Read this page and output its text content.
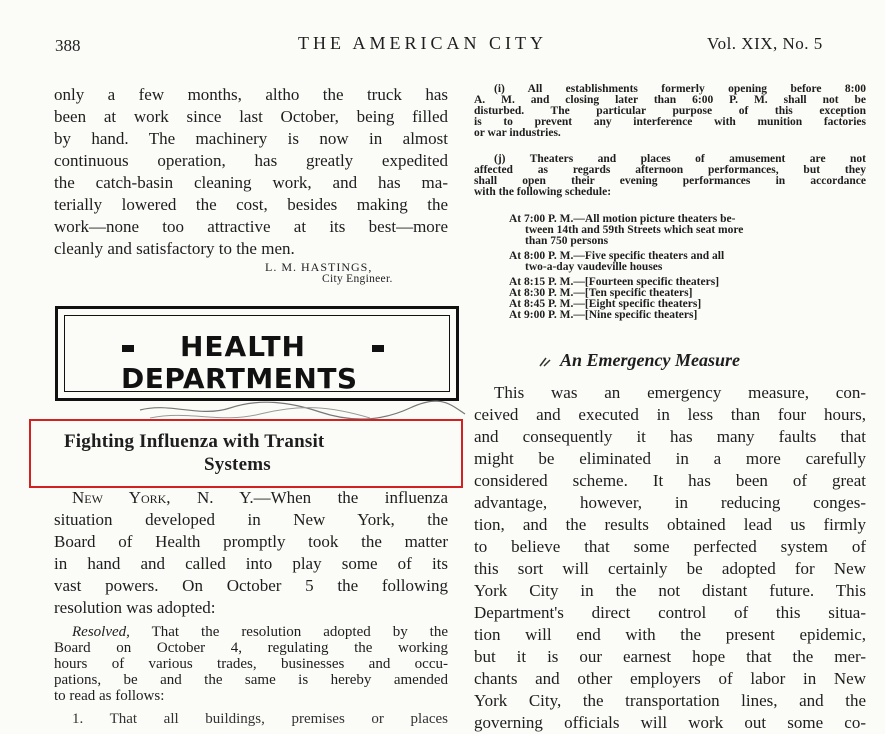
388	THE AMERICAN CITY	Vol. XIX, No. 5
only a few months, altho the truck has
been at work since last October, being filled
by hand. The machinery is now in almost
continuous operation, has greatly expedited
the catch-basin cleaning work, and has ma-
terially lowered the cost, besides making the
work—none too attractive at its best—more
cleanly and satisfactory to the men.
L. M. HASTINGS,
City Engineer.
HEALTH
DEPARTMENTS
Fighting Influenza with Transit
Systems
New York, N. Y.—When the influenza
situation developed in New York, the
Board of Health promptly took the matter
in hand and called into play some of its
vast powers. On October 5 the following
resolution was adopted:
Resolved, That the resolution adopted by the
Board on October 4, regulating the working
hours of various trades, businesses and occu-
pations, be and the same is hereby amended
to read as follows:
1. That all buildings, premises or places
(i) All establishments formerly opening before 8:00
A. M. and closing later than 6:00 P. M. shall not be
disturbed. The particular purpose of this exception
is to prevent any interference with munition factories
or war industries.
(j) Theaters and places of amusement are not
affected as regards afternoon performances, but they
shall open their evening performances in accordance
with the following schedule:
At 7:00 P. M.—All motion picture theaters be-
tween 14th and 59th Streets which seat more
than 750 persons
At 8:00 P. M.—Five specific theaters and all
two-a-day vaudeville houses
At 8:15 P. M.—[Fourteen specific theaters]
At 8:30 P. M.—[Ten specific theaters]
At 8:45 P. M.—[Eight specific theaters]
At 9:00 P. M.—[Nine specific theaters]
An Emergency Measure
This was an emergency measure, con-
ceived and executed in less than four hours,
and consequently it has many faults that
might be eliminated in a more carefully
considered scheme. It has been of great
advantage, however, in reducing conges-
tion, and the results obtained lead us firmly
to believe that some perfected system of
this sort will certainly be adopted for New
York City in the not distant future. This
Department's direct control of this situa-
tion will end with the present epidemic,
but it is our earnest hope that the mer-
chants and other employers of labor in New
York City, the transportation lines, and the
governing officials will work out some co-
